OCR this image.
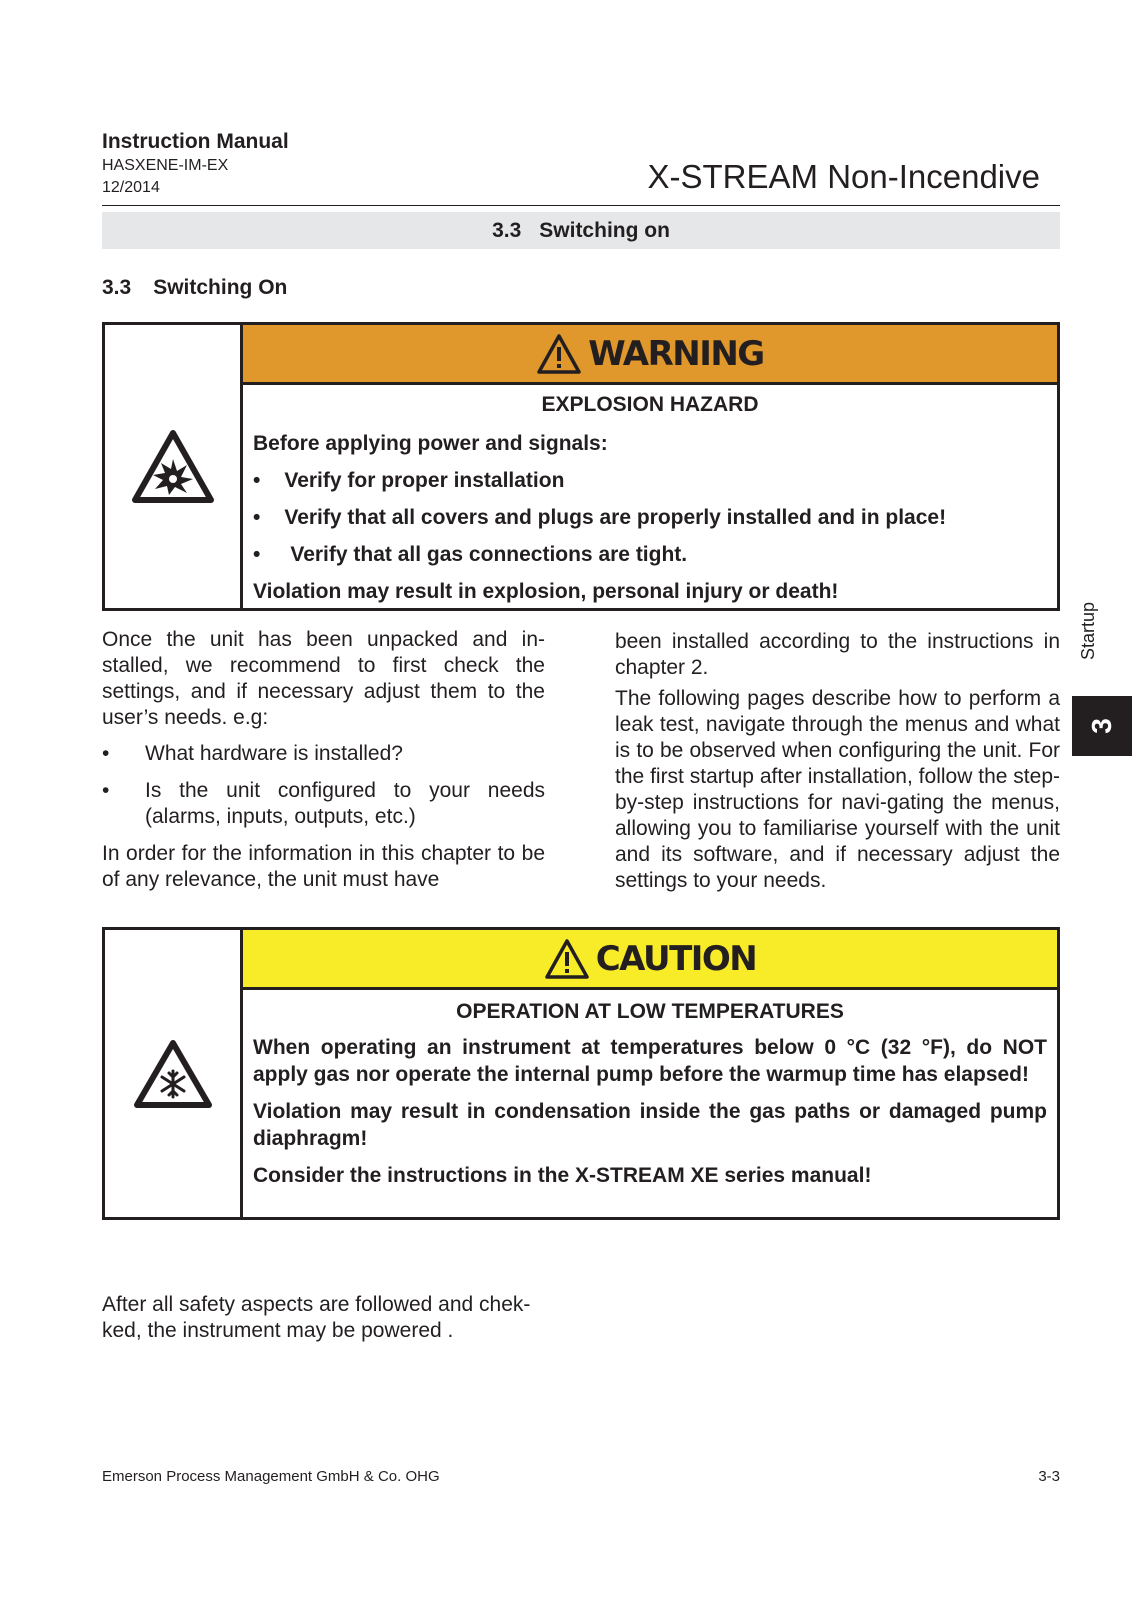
Instruction Manual
HASXENE-IM-EX
12/2014	X-STREAM Non-Incendive
3.3 Switching on
3.3 Switching On
WARNING
EXPLOSION HAZARD

Before applying power and signals:

• Verify for proper installation

• Verify that all covers and plugs are properly installed and in place!

• Verify that all gas connections are tight.

Violation may result in explosion, personal injury or death!

Once the unit has been unpacked and in-stalled, we recommend to first check the settings, and if necessary adjust them to the user’s needs. e.g:

• What hardware is installed?
• Is the unit configured to your needs (alarms, inputs, outputs, etc.)

In order for the information in this chapter to be of any relevance, the unit must have

been installed according to the instructions in chapter 2.

The following pages describe how to perform a leak test, navigate through the menus and what is to be observed when configuring the unit. For the first startup after installation, follow the step-by-step instructions for navi-gating the menus, allowing you to familiarise yourself with the unit and its software, and if necessary adjust the settings to your needs.

CAUTION
OPERATION AT LOW TEMPERATURES

When operating an instrument at temperatures below 0 °C (32 °F), do NOT apply gas nor operate the internal pump before the warmup time has elapsed!

Violation may result in condensation inside the gas paths or damaged pump diaphragm!

Consider the instructions in the X-STREAM XE series manual!

After all safety aspects are followed and chek-ked, the instrument may be powered .
Startup
3
Emerson Process Management GmbH & Co. OHG	3-3
